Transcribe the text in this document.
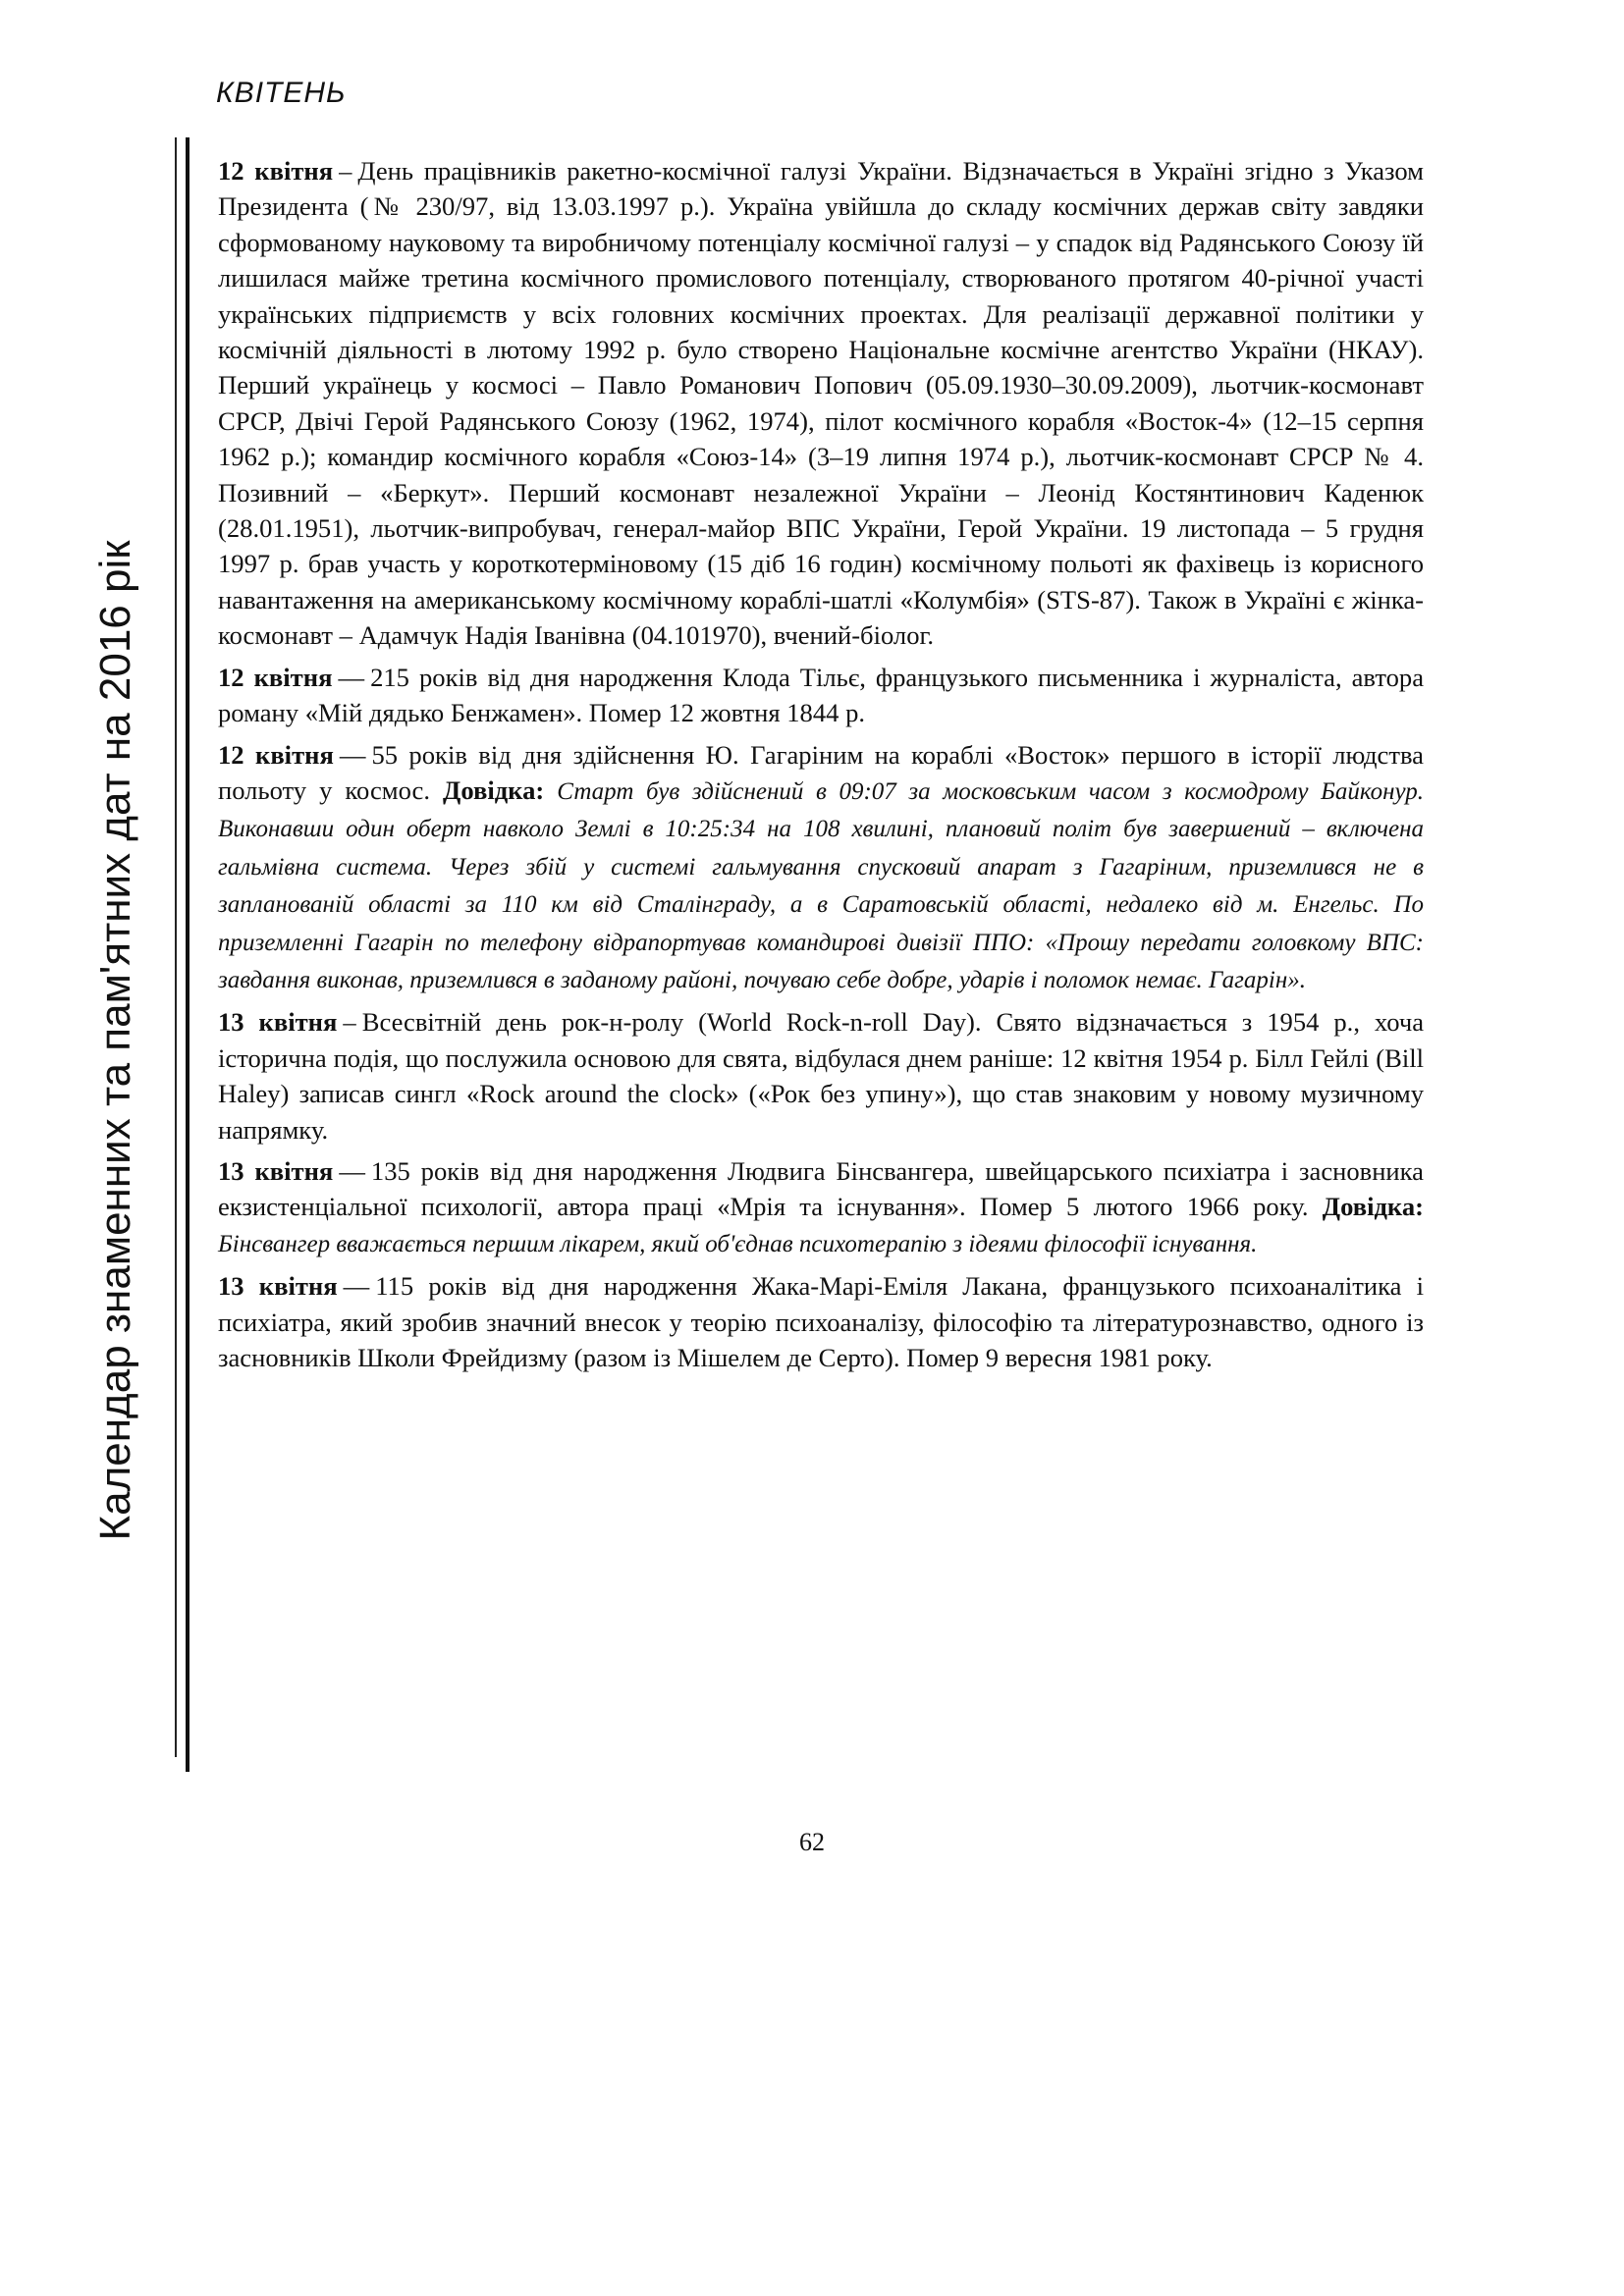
КВІТЕНЬ
Календар знаменних та пам'ятних дат на 2016 рік
12 квітня – День працівників ракетно-космічної галузі України. Відзначається в Україні згідно з Указом Президента (№ 230/97, від 13.03.1997 р.). Україна увійшла до складу космічних держав світу завдяки сформованому науковому та виробничому потенціалу космічної галузі – у спадок від Радянського Союзу їй лишилася майже третина космічного промислового потенціалу, створюваного протягом 40-річної участі українських підприємств у всіх головних космічних проектах. Для реалізації державної політики у космічній діяльності в лютому 1992 р. було створено Національне космічне агентство України (НКАУ). Перший українець у космосі – Павло Романович Попович (05.09.1930–30.09.2009), льотчик-космонавт СРСР, Двічі Герой Радянського Союзу (1962, 1974), пілот космічного корабля «Восток-4» (12–15 серпня 1962 р.); командир космічного корабля «Союз-14» (3–19 липня 1974 р.), льотчик-космонавт СРСР № 4. Позивний – «Беркут». Перший космонавт незалежної України – Леонід Костянтинович Каденюк (28.01.1951), льотчик-випробувач, генерал-майор ВПС України, Герой України. 19 листопада – 5 грудня 1997 р. брав участь у короткотерміновому (15 діб 16 годин) космічному польоті як фахівець із корисного навантаження на американському космічному кораблі-шатлі «Колумбія» (STS-87). Також в Україні є жінка-космонавт – Адамчук Надія Іванівна (04.101970), вчений-біолог.
12 квітня — 215 років від дня народження Клода Тільє, французького письменника і журналіста, автора роману «Мій дядько Бенжамен». Помер 12 жовтня 1844 р.
12 квітня — 55 років від дня здійснення Ю. Гагаріним на кораблі «Восток» першого в історії людства польоту у космос. Довідка: Старт був здійснений в 09:07 за московським часом з космодрому Байконур. Виконавши один оберт навколо Землі в 10:25:34 на 108 хвилині, плановий політ був завершений – включена гальмівна система. Через збій у системі гальмування спусковий апарат з Гагаріним, приземлився не в запланованій області за 110 км від Сталінграду, а в Саратовській області, недалеко від м. Енгельс. По приземленні Гагарін по телефону відрапортував командирові дивізії ППО: «Прошу передати головкому ВПС: завдання виконав, приземлився в заданому районі, почуваю себе добре, ударів і поломок немає. Гагарін».
13 квітня – Всесвітній день рок-н-ролу (World Rock-n-roll Day). Свято відзначається з 1954 р., хоча історична подія, що послужила основою для свята, відбулася днем раніше: 12 квітня 1954 р. Білл Гейлі (Bill Haley) записав сингл «Rock around the clock» («Рок без упину»), що став знаковим у новому музичному напрямку.
13 квітня — 135 років від дня народження Людвига Бінсвангера, швейцарського психіатра і засновника екзистенціальної психології, автора праці «Мрія та існування». Помер 5 лютого 1966 року. Довідка: Бінсвангер вважається першим лікарем, який об'єднав психотерапію з ідеями філософії існування.
13 квітня — 115 років від дня народження Жака-Марі-Еміля Лакана, французького психоаналітика і психіатра, який зробив значний внесок у теорію психоаналізу, філософію та літературознавство, одного із засновників Школи Фрейдизму (разом із Мішелем де Серто). Помер 9 вересня 1981 року.
62
